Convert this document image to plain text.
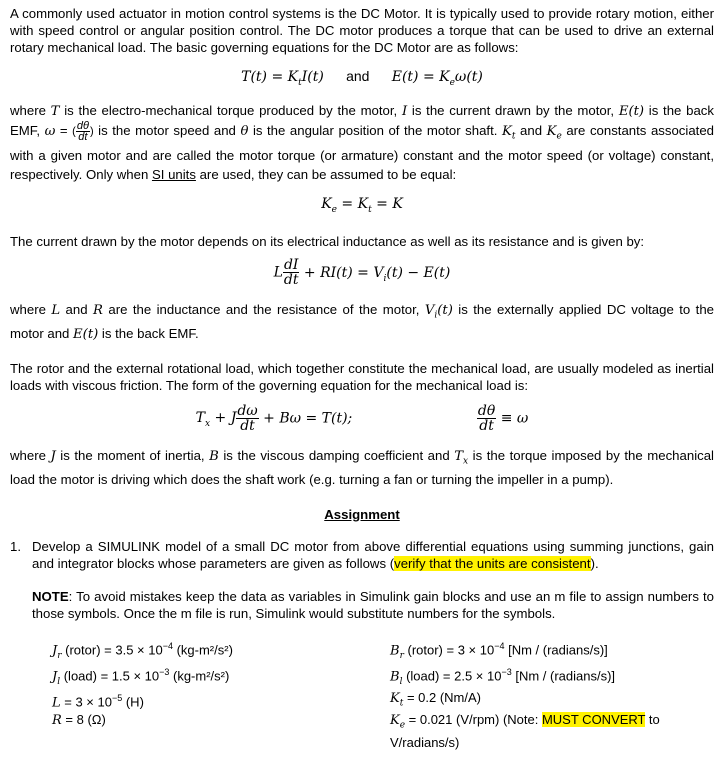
A commonly used actuator in motion control systems is the DC Motor. It is typically used to provide rotary motion, either with speed control or angular position control. The DC motor produces a torque that can be used to drive an external rotary mechanical load. The basic governing equations for the DC Motor are as follows:

$T(t) = K_tI(t)$ and $E(t) = K_e\omega(t)$

where T is the electro-mechanical torque produced by the motor, I is the current drawn by the motor, E(t) is the back EMF, ω = ( $\frac{d\theta}{dt}$ ) is the motor speed and θ is the angular position of the motor shaft. $K_t$ and $K_e$ are constants associated with a given motor and are called the motor torque (or armature) constant and the motor speed (or voltage) constant, respectively. Only when SI units are used, they can be assumed to be equal:

$K_e = K_t = K$

The current drawn by the motor depends on its electrical inductance as well as its resistance and is given by:

L $\frac{dI}{dt} + RI(t) = V_i(t) - E(t)$

where L and R are the inductance and the resistance of the motor, $V_i(t)$ is the externally applied DC voltage to the motor and E(t) is the back EMF.

The rotor and the external rotational load, which together constitute the mechanical load, are usually modeled as inertial loads with viscous friction. The form of the governing equation for the mechanical load is:

$T_x + J \frac{d\omega}{dt} + B\omega = T(t)$;	$\frac{d\theta}{dt} \equiv \omega$

where J is the moment of inertia, B is the viscous damping coefficient and $T_x$ is the torque imposed by the mechanical load the motor is driving which does the shaft work (e.g. turning a fan or turning the impeller in a pump).

Assignment

1. Develop a SIMULINK model of a small DC motor from above differential equations using summing junctions, gain and integrator blocks whose parameters are given as follows (verify that the units are consistent).

NOTE: To avoid mistakes keep the data as variables in Simulink gain blocks and use an m file to assign numbers to those symbols. Once the m file is run, Simulink would substitute numbers for the symbols.

$J_r$ (rotor) = $3.5 \times 10^{-4}$ (kg-m²/s²)
$J_l$ (load) = $1.5 \times 10^{-3}$ (kg-m²/s²)
$L = 3 \times 10^{-5}$ (H)
R = 8 (Ω)
$B_r$ (rotor) = $3 \times 10^{-4}$ [Nm / (radians/s)]
$B_l$ (load) = $2.5 \times 10^{-3}$ [Nm / (radians/s)]
$K_t = 0.2$ (Nm/A)
$K_e = 0.021$ (V/rpm) (Note: MUST CONVERT to V/radians/s)
